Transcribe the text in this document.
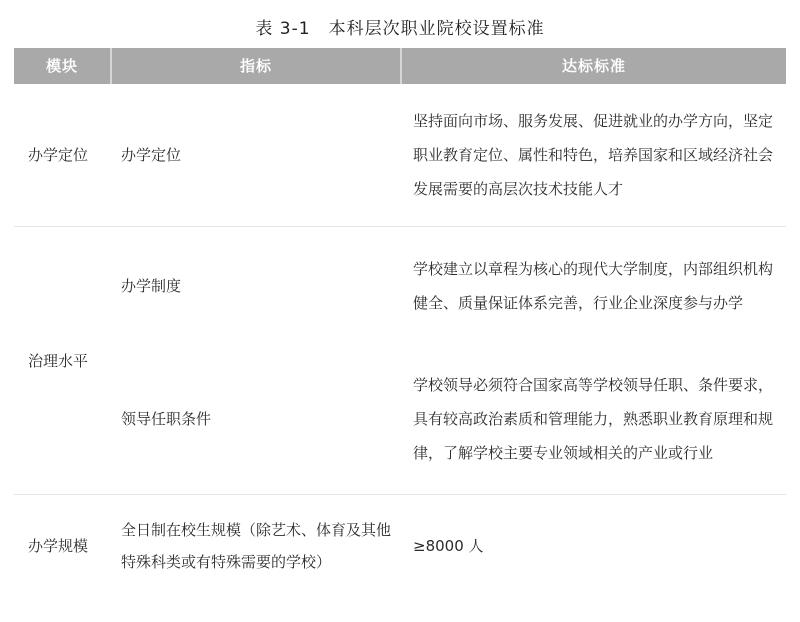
表 3-1　本科层次职业院校设置标准
模块	指标	达标标准
办学定位	办学定位	坚持面向市场、服务发展、促进就业的办学方向，坚定职业教育定位、属性和特色，培养国家和区域经济社会发展需要的高层次技术技能人才
治理水平	办学制度	学校建立以章程为核心的现代大学制度，内部组织机构健全、质量保证体系完善，行业企业深度参与办学
	领导任职条件	学校领导必须符合国家高等学校领导任职、条件要求，具有较高政治素质和管理能力，熟悉职业教育原理和规律，了解学校主要专业领域相关的产业或行业
办学规模	全日制在校生规模（除艺术、体育及其他特殊科类或有特殊需要的学校）	≥8000 人
